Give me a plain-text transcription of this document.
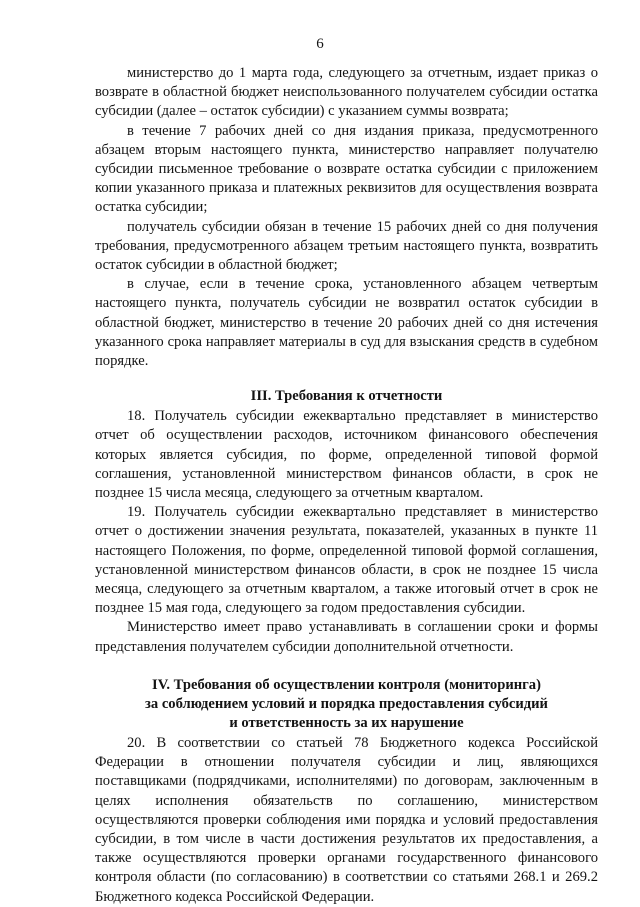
6

министерство до 1 марта года, следующего за отчетным, издает приказ о возврате в областной бюджет неиспользованного получателем субсидии остатка субсидии (далее – остаток субсидии) с указанием суммы возврата;

в течение 7 рабочих дней со дня издания приказа, предусмотренного абзацем вторым настоящего пункта, министерство направляет получателю субсидии письменное требование о возврате остатка субсидии с приложением копии указанного приказа и платежных реквизитов для осуществления возврата остатка субсидии;

получатель субсидии обязан в течение 15 рабочих дней со дня получения требования, предусмотренного абзацем третьим настоящего пункта, возвратить остаток субсидии в областной бюджет;

в случае, если в течение срока, установленного абзацем четвертым настоящего пункта, получатель субсидии не возвратил остаток субсидии в областной бюджет, министерство в течение 20 рабочих дней со дня истечения указанного срока направляет материалы в суд для взыскания средств в судебном порядке.

III. Требования к отчетности

18. Получатель субсидии ежеквартально представляет в министерство отчет об осуществлении расходов, источником финансового обеспечения которых является субсидия, по форме, определенной типовой формой соглашения, установленной министерством финансов области, в срок не позднее 15 числа месяца, следующего за отчетным кварталом.

19. Получатель субсидии ежеквартально представляет в министерство отчет о достижении значения результата, показателей, указанных в пункте 11 настоящего Положения, по форме, определенной типовой формой соглашения, установленной министерством финансов области, в срок не позднее 15 числа месяца, следующего за отчетным кварталом, а также итоговый отчет в срок не позднее 15 мая года, следующего за годом предоставления субсидии.

Министерство имеет право устанавливать в соглашении сроки и формы представления получателем субсидии дополнительной отчетности.

IV. Требования об осуществлении контроля (мониторинга)
за соблюдением условий и порядка предоставления субсидий
и ответственность за их нарушение

20. В соответствии со статьей 78 Бюджетного кодекса Российской Федерации в отношении получателя субсидии и лиц, являющихся поставщиками (подрядчиками, исполнителями) по договорам, заключенным в целях исполнения обязательств по соглашению, министерством осуществляются проверки соблюдения ими порядка и условий предоставления субсидии, в том числе в части достижения результатов их предоставления, а также осуществляются проверки органами государственного финансового контроля области (по согласованию) в соответствии со статьями 268.1 и 269.2 Бюджетного кодекса Российской Федерации.
